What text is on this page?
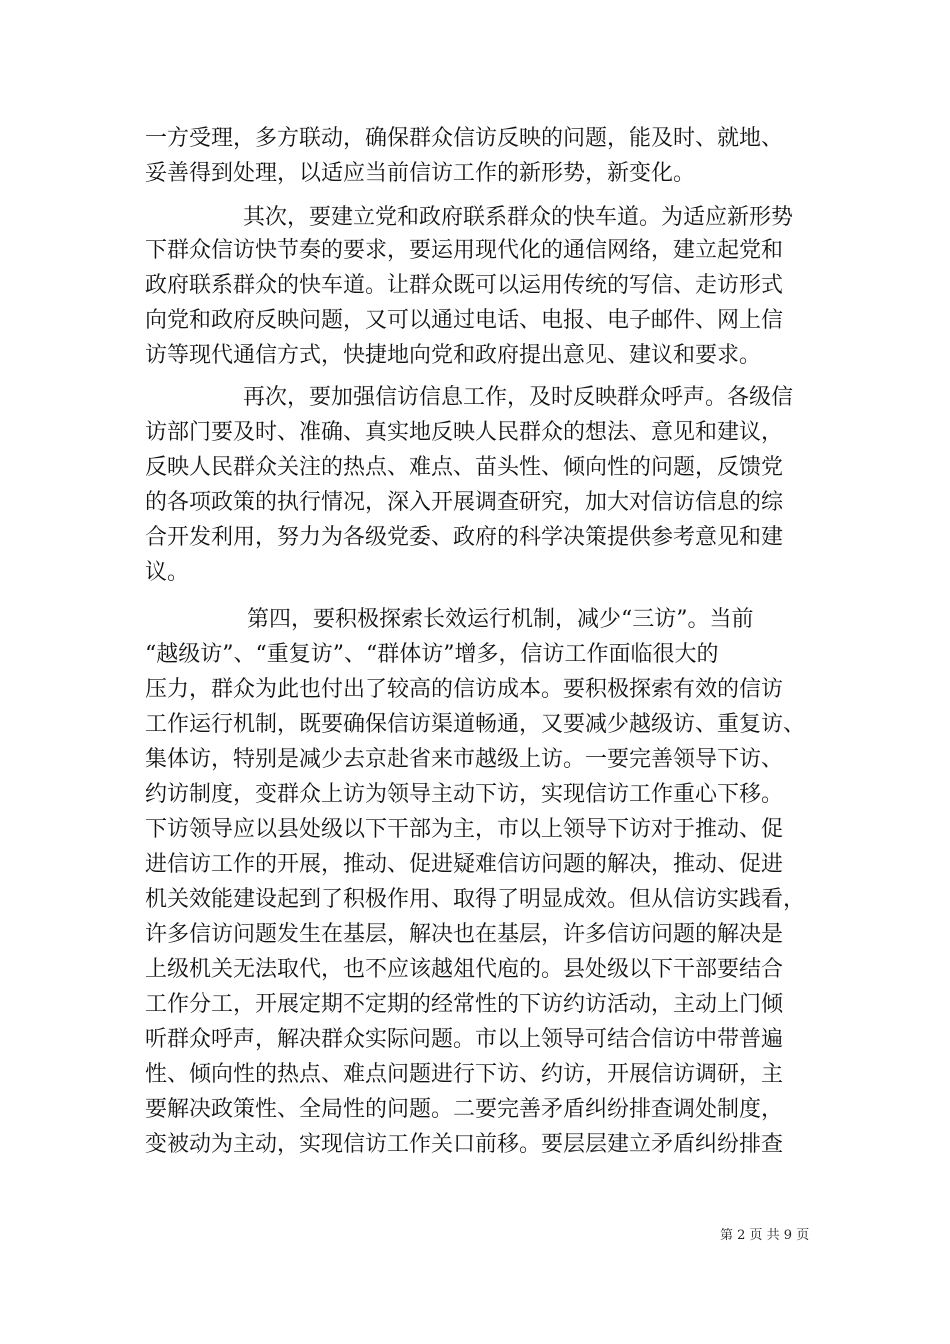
一方受理，多方联动，确保群众信访反映的问题，能及时、就地、
妥善得到处理，以适应当前信访工作的新形势，新变化。
其次，要建立党和政府联系群众的快车道。为适应新形势
下群众信访快节奏的要求，要运用现代化的通信网络，建立起党和
政府联系群众的快车道。让群众既可以运用传统的写信、走访形式
向党和政府反映问题，又可以通过电话、电报、电子邮件、网上信
访等现代通信方式，快捷地向党和政府提出意见、建议和要求。
再次，要加强信访信息工作，及时反映群众呼声。各级信
访部门要及时、准确、真实地反映人民群众的想法、意见和建议，
反映人民群众关注的热点、难点、苗头性、倾向性的问题，反馈党
的各项政策的执行情况，深入开展调查研究，加大对信访信息的综
合开发利用，努力为各级党委、政府的科学决策提供参考意见和建
议。
第四，要积极探索长效运行机制，减少“三访”。当前
“越级访”、“重复访”、“群体访”增多，信访工作面临很大的
压力，群众为此也付出了较高的信访成本。要积极探索有效的信访
工作运行机制，既要确保信访渠道畅通，又要减少越级访、重复访、
集体访，特别是减少去京赴省来市越级上访。一要完善领导下访、
约访制度，变群众上访为领导主动下访，实现信访工作重心下移。
下访领导应以县处级以下干部为主，市以上领导下访对于推动、促
进信访工作的开展，推动、促进疑难信访问题的解决，推动、促进
机关效能建设起到了积极作用、取得了明显成效。但从信访实践看，
许多信访问题发生在基层，解决也在基层，许多信访问题的解决是
上级机关无法取代，也不应该越俎代庖的。县处级以下干部要结合
工作分工，开展定期不定期的经常性的下访约访活动，主动上门倾
听群众呼声，解决群众实际问题。市以上领导可结合信访中带普遍
性、倾向性的热点、难点问题进行下访、约访，开展信访调研，主
要解决政策性、全局性的问题。二要完善矛盾纠纷排查调处制度，
变被动为主动，实现信访工作关口前移。要层层建立矛盾纠纷排查
第 2 页 共 9 页
